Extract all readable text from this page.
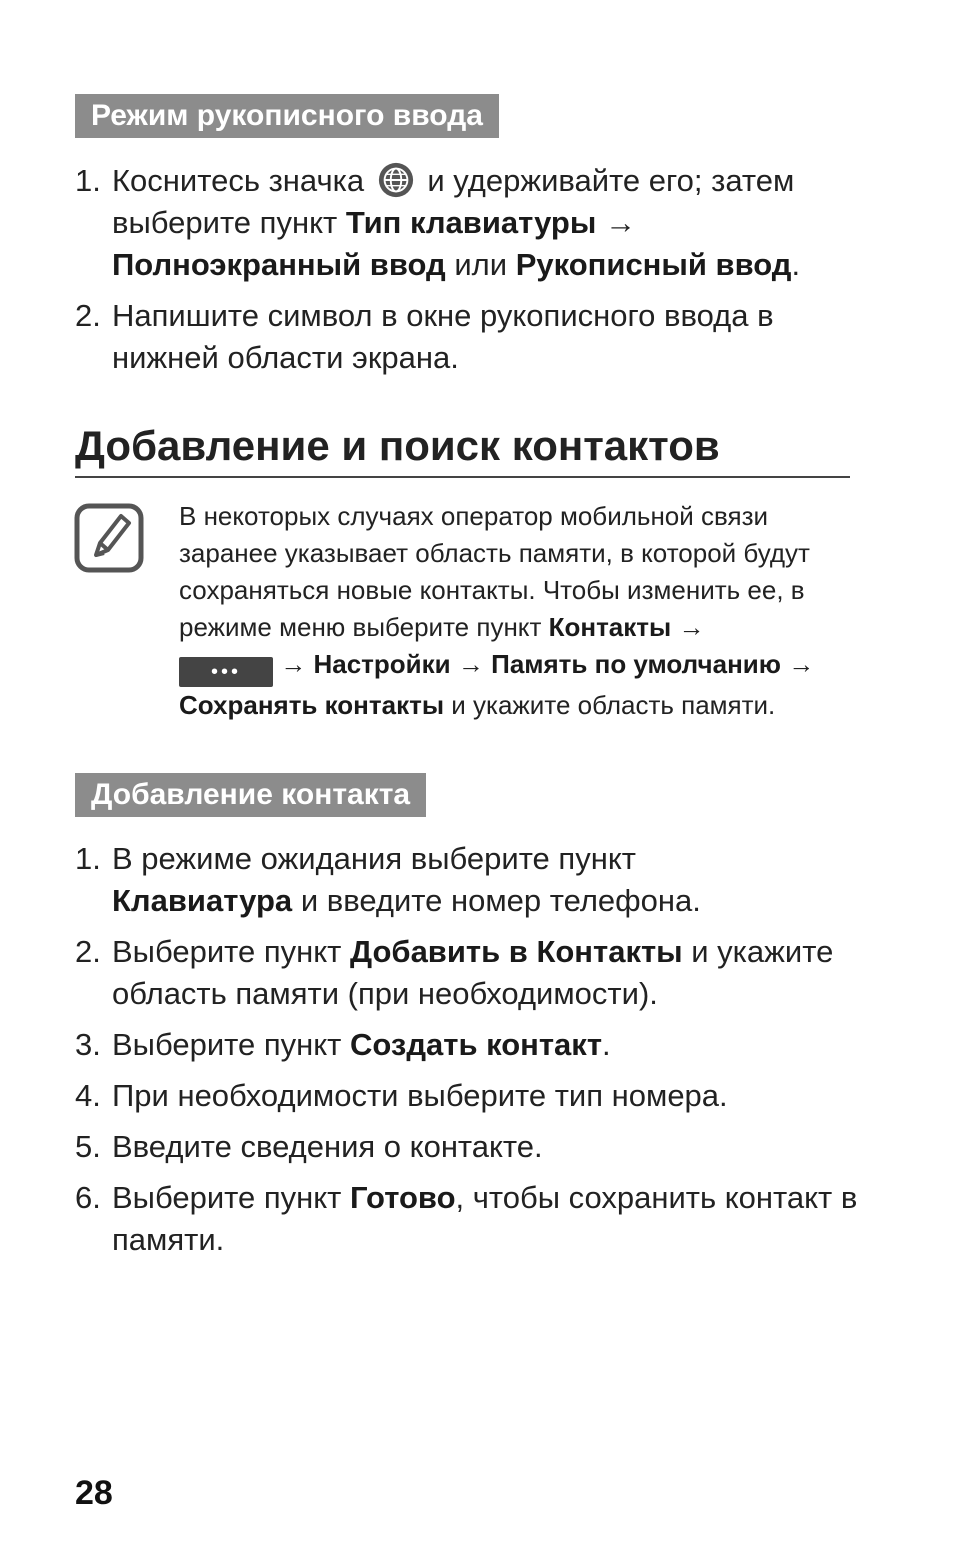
Режим рукописного ввода
1. Коснитесь значка и удерживайте его; затем выберите пункт Тип клавиатуры → Полноэкранный ввод или Рукописный ввод.
2. Напишите символ в окне рукописного ввода в нижней области экрана.
Добавление и поиск контактов
В некоторых случаях оператор мобильной связи заранее указывает область памяти, в которой будут сохраняться новые контакты. Чтобы изменить ее, в режиме меню выберите пункт Контакты →
••• → Настройки → Память по умолчанию →
Сохранять контакты и укажите область памяти.
Добавление контакта
1. В режиме ожидания выберите пункт
Клавиатура и введите номер телефона.
2. Выберите пункт Добавить в Контакты и укажите область памяти (при необходимости).
3. Выберите пункт Создать контакт.
4. При необходимости выберите тип номера.
5. Введите сведения о контакте.
6. Выберите пункт Готово, чтобы сохранить контакт в памяти.
28
